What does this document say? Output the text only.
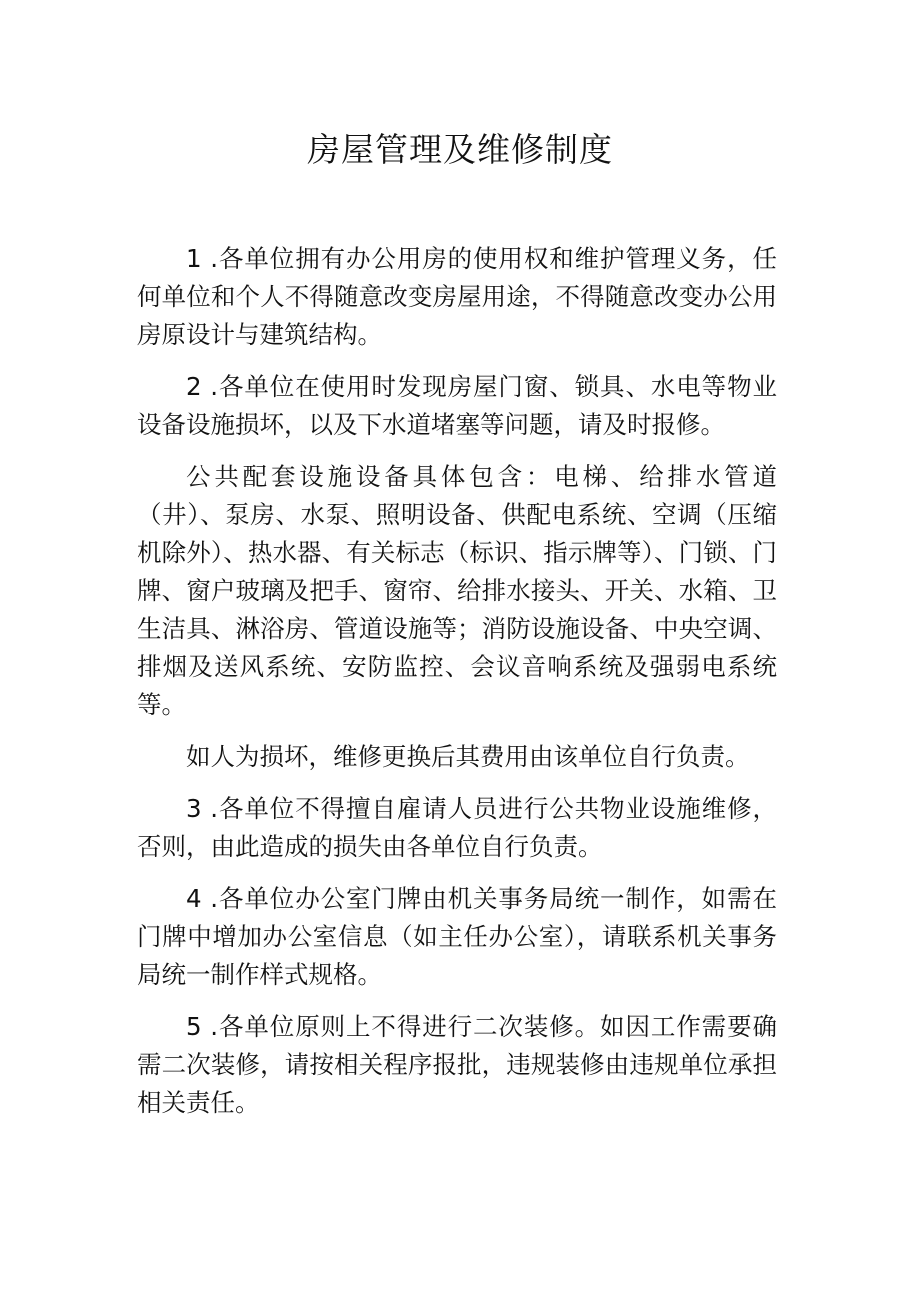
房屋管理及维修制度

1 .各单位拥有办公用房的使用权和维护管理义务，任何单位和个人不得随意改变房屋用途，不得随意改变办公用房原设计与建筑结构。

2 .各单位在使用时发现房屋门窗、锁具、水电等物业设备设施损坏，以及下水道堵塞等问题，请及时报修。

公共配套设施设备具体包含：电梯、给排水管道（井）、泵房、水泵、照明设备、供配电系统、空调（压缩机除外）、热水器、有关标志（标识、指示牌等）、门锁、门牌、窗户玻璃及把手、窗帘、给排水接头、开关、水箱、卫生洁具、淋浴房、管道设施等；消防设施设备、中央空调、排烟及送风系统、安防监控、会议音响系统及强弱电系统等。

如人为损坏，维修更换后其费用由该单位自行负责。

3 .各单位不得擅自雇请人员进行公共物业设施维修，否则，由此造成的损失由各单位自行负责。

4 .各单位办公室门牌由机关事务局统一制作，如需在门牌中增加办公室信息（如主任办公室），请联系机关事务局统一制作样式规格。

5 .各单位原则上不得进行二次装修。如因工作需要确需二次装修，请按相关程序报批，违规装修由违规单位承担相关责任。
